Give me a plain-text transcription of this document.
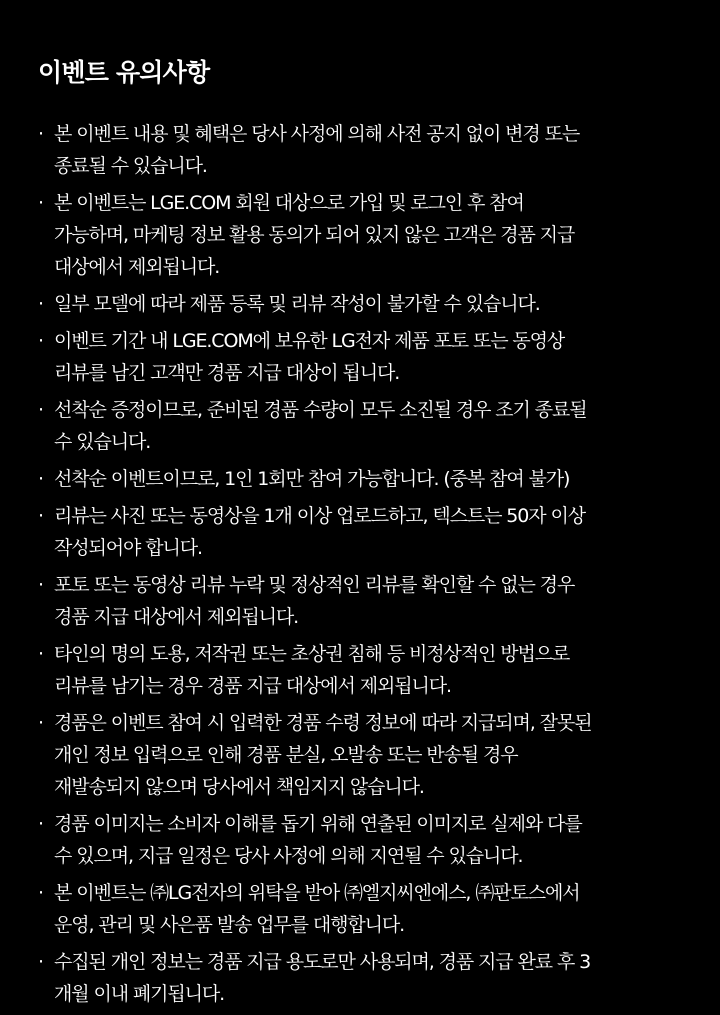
이벤트 유의사항
· 본 이벤트 내용 및 혜택은 당사 사정에 의해 사전 공지 없이 변경 또는
종료될 수 있습니다.
· 본 이벤트는 LGE.COM 회원 대상으로 가입 및 로그인 후 참여
가능하며, 마케팅 정보 활용 동의가 되어 있지 않은 고객은 경품 지급
대상에서 제외됩니다.
· 일부 모델에 따라 제품 등록 및 리뷰 작성이 불가할 수 있습니다.
· 이벤트 기간 내 LGE.COM에 보유한 LG전자 제품 포토 또는 동영상
리뷰를 남긴 고객만 경품 지급 대상이 됩니다.
· 선착순 증정이므로, 준비된 경품 수량이 모두 소진될 경우 조기 종료될
수 있습니다.
· 선착순 이벤트이므로, 1인 1회만 참여 가능합니다. (중복 참여 불가)
· 리뷰는 사진 또는 동영상을 1개 이상 업로드하고, 텍스트는 50자 이상
작성되어야 합니다.
· 포토 또는 동영상 리뷰 누락 및 정상적인 리뷰를 확인할 수 없는 경우
경품 지급 대상에서 제외됩니다.
· 타인의 명의 도용, 저작권 또는 초상권 침해 등 비정상적인 방법으로
리뷰를 남기는 경우 경품 지급 대상에서 제외됩니다.
· 경품은 이벤트 참여 시 입력한 경품 수령 정보에 따라 지급되며, 잘못된
개인 정보 입력으로 인해 경품 분실, 오발송 또는 반송될 경우
재발송되지 않으며 당사에서 책임지지 않습니다.
· 경품 이미지는 소비자 이해를 돕기 위해 연출된 이미지로 실제와 다를
수 있으며, 지급 일정은 당사 사정에 의해 지연될 수 있습니다.
· 본 이벤트는 ㈜LG전자의 위탁을 받아 ㈜엘지씨엔에스, ㈜판토스에서
운영, 관리 및 사은품 발송 업무를 대행합니다.
· 수집된 개인 정보는 경품 지급 용도로만 사용되며, 경품 지급 완료 후 3
개월 이내 폐기됩니다.
